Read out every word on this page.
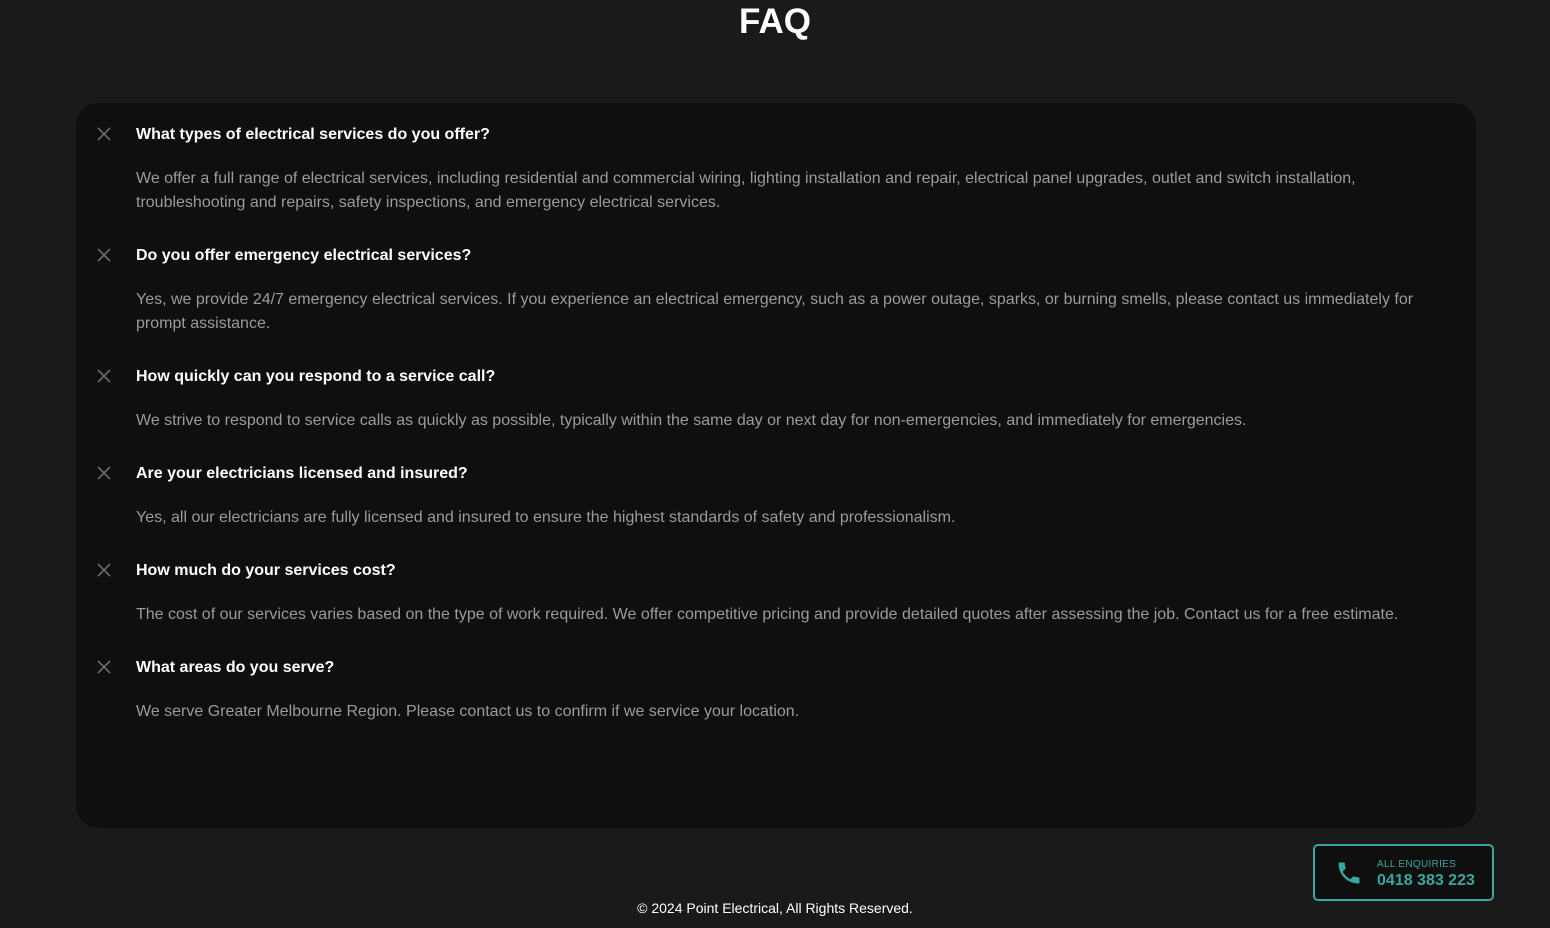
FAQ
What types of electrical services do you offer?

We offer a full range of electrical services, including residential and commercial wiring, lighting installation and repair, electrical panel upgrades, outlet and switch installation, troubleshooting and repairs, safety inspections, and emergency electrical services.

Do you offer emergency electrical services?

Yes, we provide 24/7 emergency electrical services. If you experience an electrical emergency, such as a power outage, sparks, or burning smells, please contact us immediately for prompt assistance.

How quickly can you respond to a service call?

We strive to respond to service calls as quickly as possible, typically within the same day or next day for non-emergencies, and immediately for emergencies.

Are your electricians licensed and insured?

Yes, all our electricians are fully licensed and insured to ensure the highest standards of safety and professionalism.

How much do your services cost?

The cost of our services varies based on the type of work required. We offer competitive pricing and provide detailed quotes after assessing the job. Contact us for a free estimate.

What areas do you serve?

We serve Greater Melbourne Region. Please contact us to confirm if we service your location.

ALL ENQUIRIES
0418 383 223
© 2024 Point Electrical, All Rights Reserved.
